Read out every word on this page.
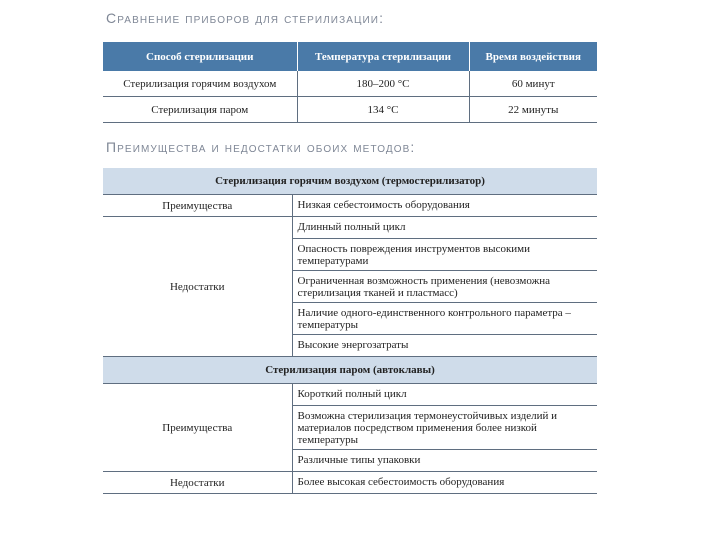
Сравнение приборов для стерилизации:
Способ стерилизации	Температура стерилизации	Время воздействия
Стерилизация горячим воздухом	180–200 °С	60 минут
Стерилизация паром	134 °С	22 минуты
Преимущества и недостатки обоих методов:
Стерилизация горячим воздухом (термостерилизатор)	
Преимущества	Низкая себестоимость оборудования
Недостатки	Длинный полный цикл
	Опасность повреждения инструментов высокими температурами
	Ограниченная возможность применения (невозможна стерилизация тканей и пластмасс)
	Наличие одного-единственного контрольного параметра – температуры
	Высокие энергозатраты
Стерилизация паром (автоклавы)	
Преимущества	Короткий полный цикл
	Возможна стерилизация термонеустойчивых изделий и материалов посредством применения более низкой температуры
	Различные типы упаковки
Недостатки	Более высокая себестоимость оборудования
